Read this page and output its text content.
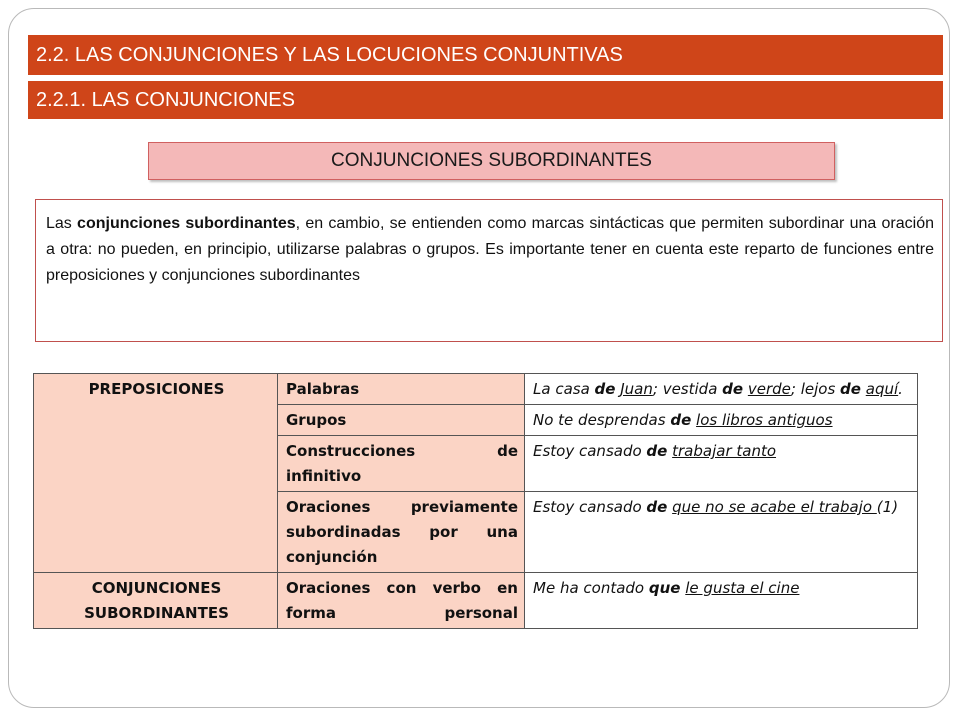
2.2. LAS CONJUNCIONES Y LAS LOCUCIONES CONJUNTIVAS
2.2.1. LAS CONJUNCIONES
CONJUNCIONES SUBORDINANTES
Las conjunciones subordinantes, en cambio, se entienden como marcas sintácticas que permiten subordinar una oración a otra: no pueden, en principio, utilizarse palabras o grupos. Es importante tener en cuenta este reparto de funciones entre preposiciones y conjunciones subordinantes
PREPOSICIONES	Palabras	La casa de Juan; vestida de verde; lejos de aquí.
	Grupos	No te desprendas de los libros antiguos
	Construcciones de infinitivo	Estoy cansado de trabajar tanto
	Oraciones previamente subordinadas por una conjunción	Estoy cansado de que no se acabe el trabajo (1)
CONJUNCIONES SUBORDINANTES	Oraciones con verbo en forma personal	Me ha contado que le gusta el cine
